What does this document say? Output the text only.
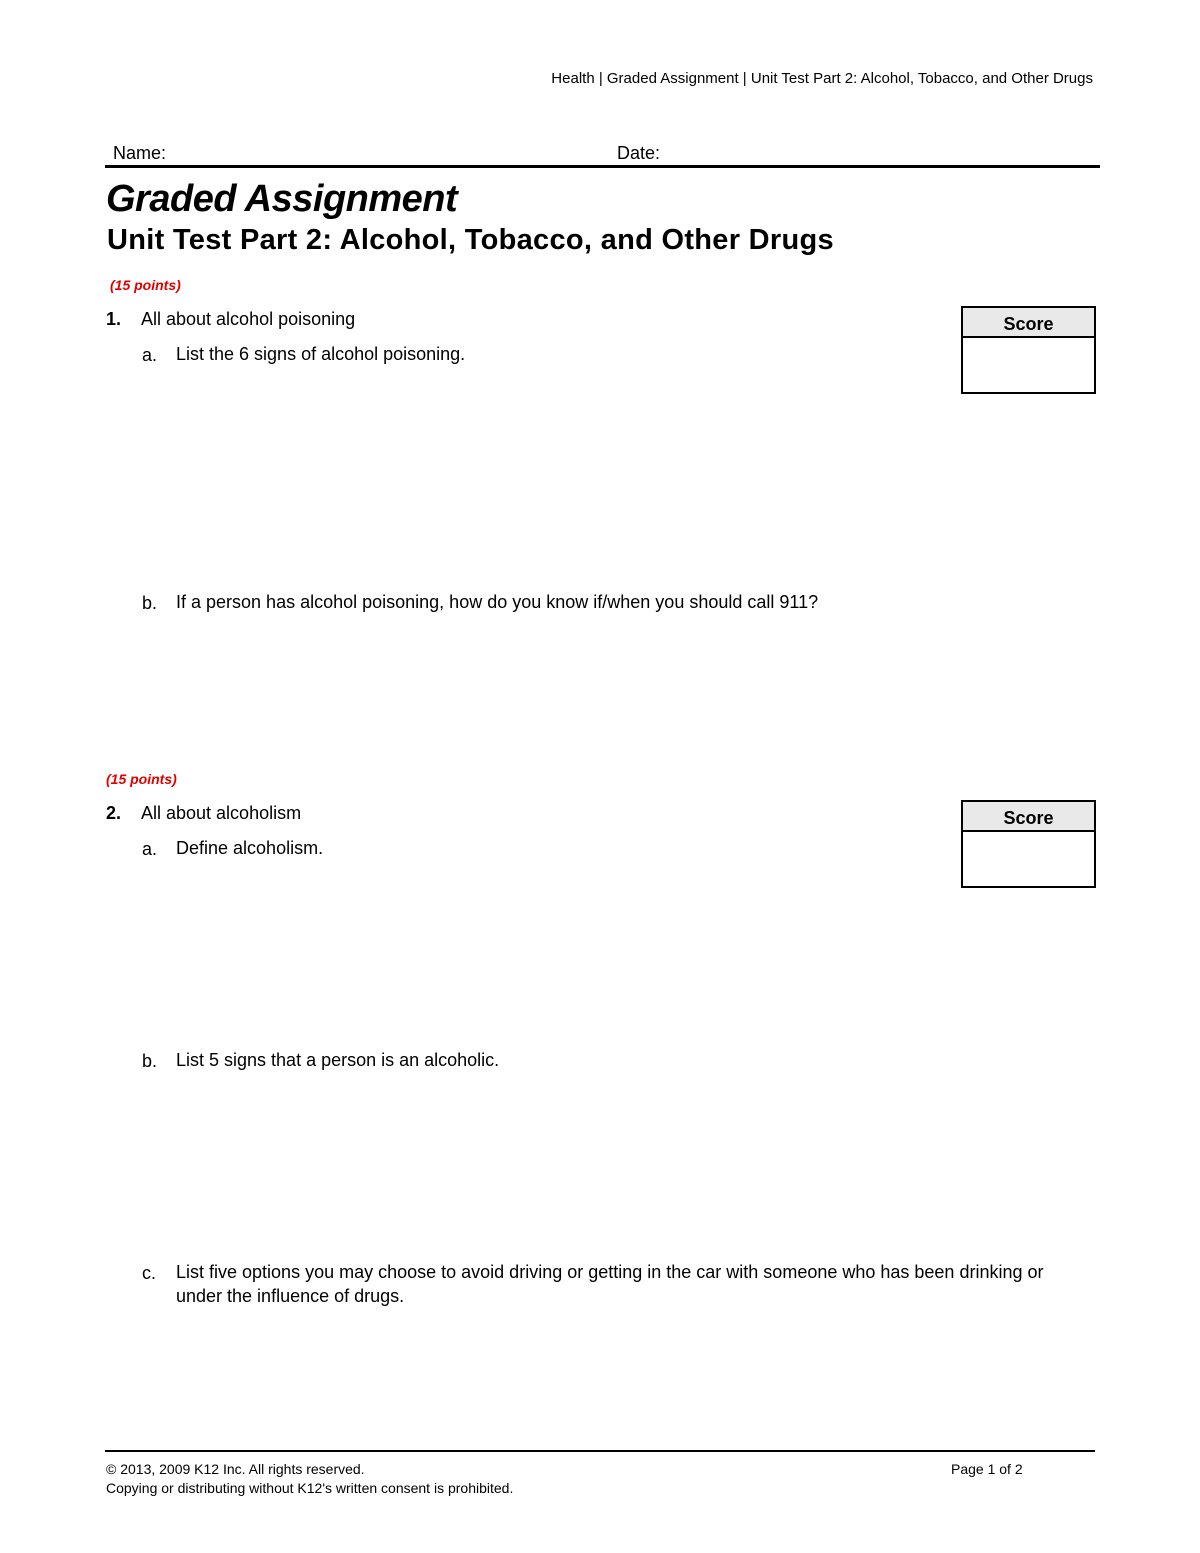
Health | Graded Assignment | Unit Test Part 2: Alcohol, Tobacco, and Other Drugs
Name:	Date:
Graded Assignment
Unit Test Part 2: Alcohol, Tobacco, and Other Drugs
(15 points)
1. All about alcohol poisoning	Score
a. List the 6 signs of alcohol poisoning.
b. If a person has alcohol poisoning, how do you know if/when you should call 911?
(15 points)
2. All about alcoholism	Score
a. Define alcoholism.
b. List 5 signs that a person is an alcoholic.
c. List five options you may choose to avoid driving or getting in the car with someone who has been drinking or under the influence of drugs.
© 2013, 2009 K12 Inc. All rights reserved.
Copying or distributing without K12's written consent is prohibited.
Page 1 of 2
